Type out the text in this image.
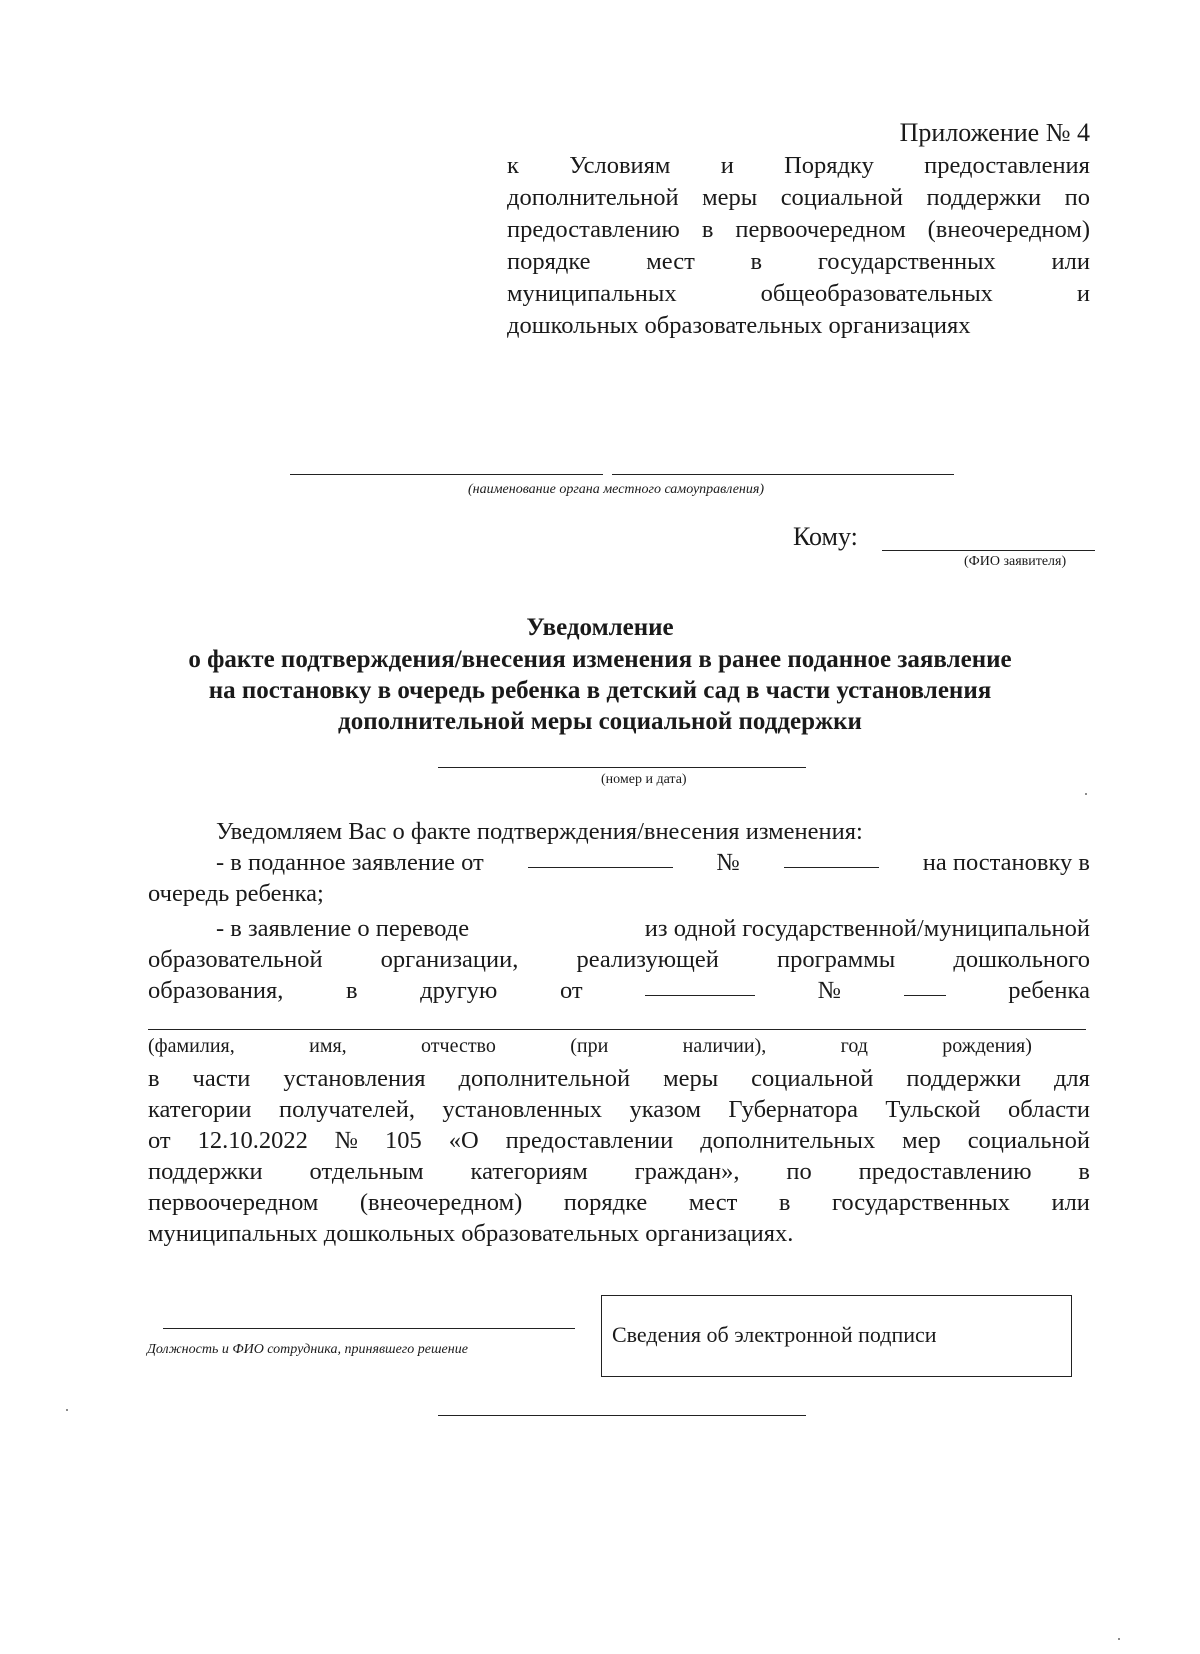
Приложение № 4
к Условиям и Порядку предоставления
дополнительной меры социальной поддержки по
предоставлению в первоочередном (внеочередном)
порядке мест в государственных или
муниципальных	общеобразовательных	и
дошкольных образовательных организациях
(наименование органа местного самоуправления)
Кому:
(ФИО заявителя)
Уведомление
о факте подтверждения/внесения изменения в ранее поданное заявление
на постановку в очередь ребенка в детский сад в части установления
дополнительной меры социальной поддержки
(номер и дата)
Уведомляем Вас о факте подтверждения/внесения изменения:
- в поданное заявление от	№	на постановку в
очередь ребенка;
- в заявление о переводе	из одной государственной/муниципальной
образовательной организации, реализующей программы дошкольного
образования,	в	другую	от	№	ребенка
(фамилия,	имя,	отчество	(при	наличии),	год	рождения)
в части установления дополнительной меры социальной поддержки для
категории получателей, установленных указом Губернатора Тульской области
от 12.10.2022 № 105 «О предоставлении дополнительных мер социальной
поддержки отдельным категориям граждан», по предоставлению в
первоочередном (внеочередном) порядке мест в государственных или
муниципальных дошкольных образовательных организациях.
Должность и ФИО сотрудника, принявшего решение
Сведения об электронной подписи
